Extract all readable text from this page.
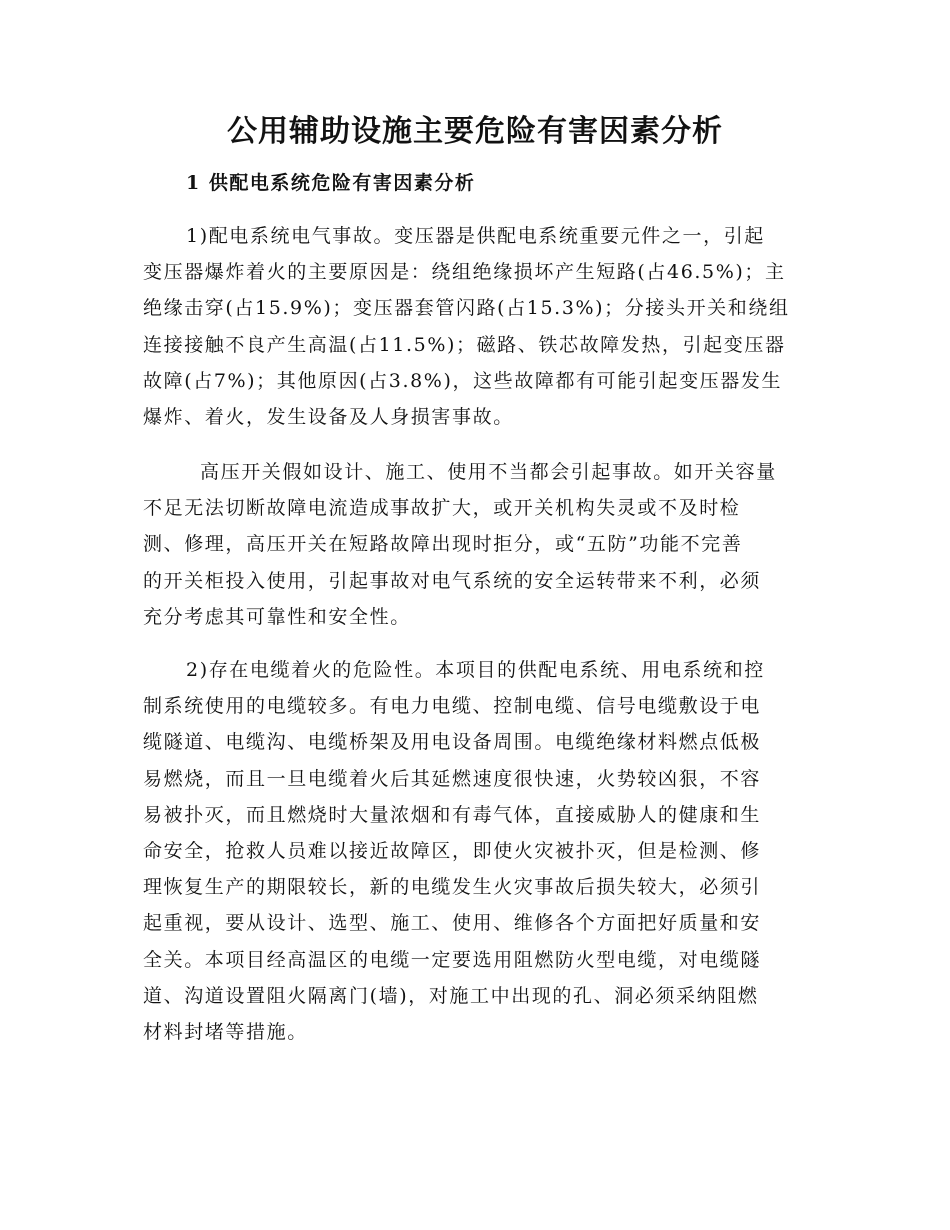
公用辅助设施主要危险有害因素分析
1 供配电系统危险有害因素分析

1)配电系统电气事故。变压器是供配电系统重要元件之一，引起
变压器爆炸着火的主要原因是：绕组绝缘损坏产生短路(占46.5%)；主
绝缘击穿(占15.9%)；变压器套管闪路(占15.3%)；分接头开关和绕组
连接接触不良产生高温(占11.5%)；磁路、铁芯故障发热，引起变压器
故障(占7%)；其他原因(占3.8%)，这些故障都有可能引起变压器发生
爆炸、着火，发生设备及人身损害事故。

高压开关假如设计、施工、使用不当都会引起事故。如开关容量
不足无法切断故障电流造成事故扩大，或开关机构失灵或不及时检
测、修理，高压开关在短路故障出现时拒分，或“五防”功能不完善
的开关柜投入使用，引起事故对电气系统的安全运转带来不利，必须
充分考虑其可靠性和安全性。

2)存在电缆着火的危险性。本项目的供配电系统、用电系统和控
制系统使用的电缆较多。有电力电缆、控制电缆、信号电缆敷设于电
缆隧道、电缆沟、电缆桥架及用电设备周围。电缆绝缘材料燃点低极
易燃烧，而且一旦电缆着火后其延燃速度很快速，火势较凶狠，不容
易被扑灭，而且燃烧时大量浓烟和有毒气体，直接威胁人的健康和生
命安全，抢救人员难以接近故障区，即使火灾被扑灭，但是检测、修
理恢复生产的期限较长，新的电缆发生火灾事故后损失较大，必须引
起重视，要从设计、选型、施工、使用、维修各个方面把好质量和安
全关。本项目经高温区的电缆一定要选用阻燃防火型电缆，对电缆隧
道、沟道设置阻火隔离门(墙)，对施工中出现的孔、洞必须采纳阻燃
材料封堵等措施。
